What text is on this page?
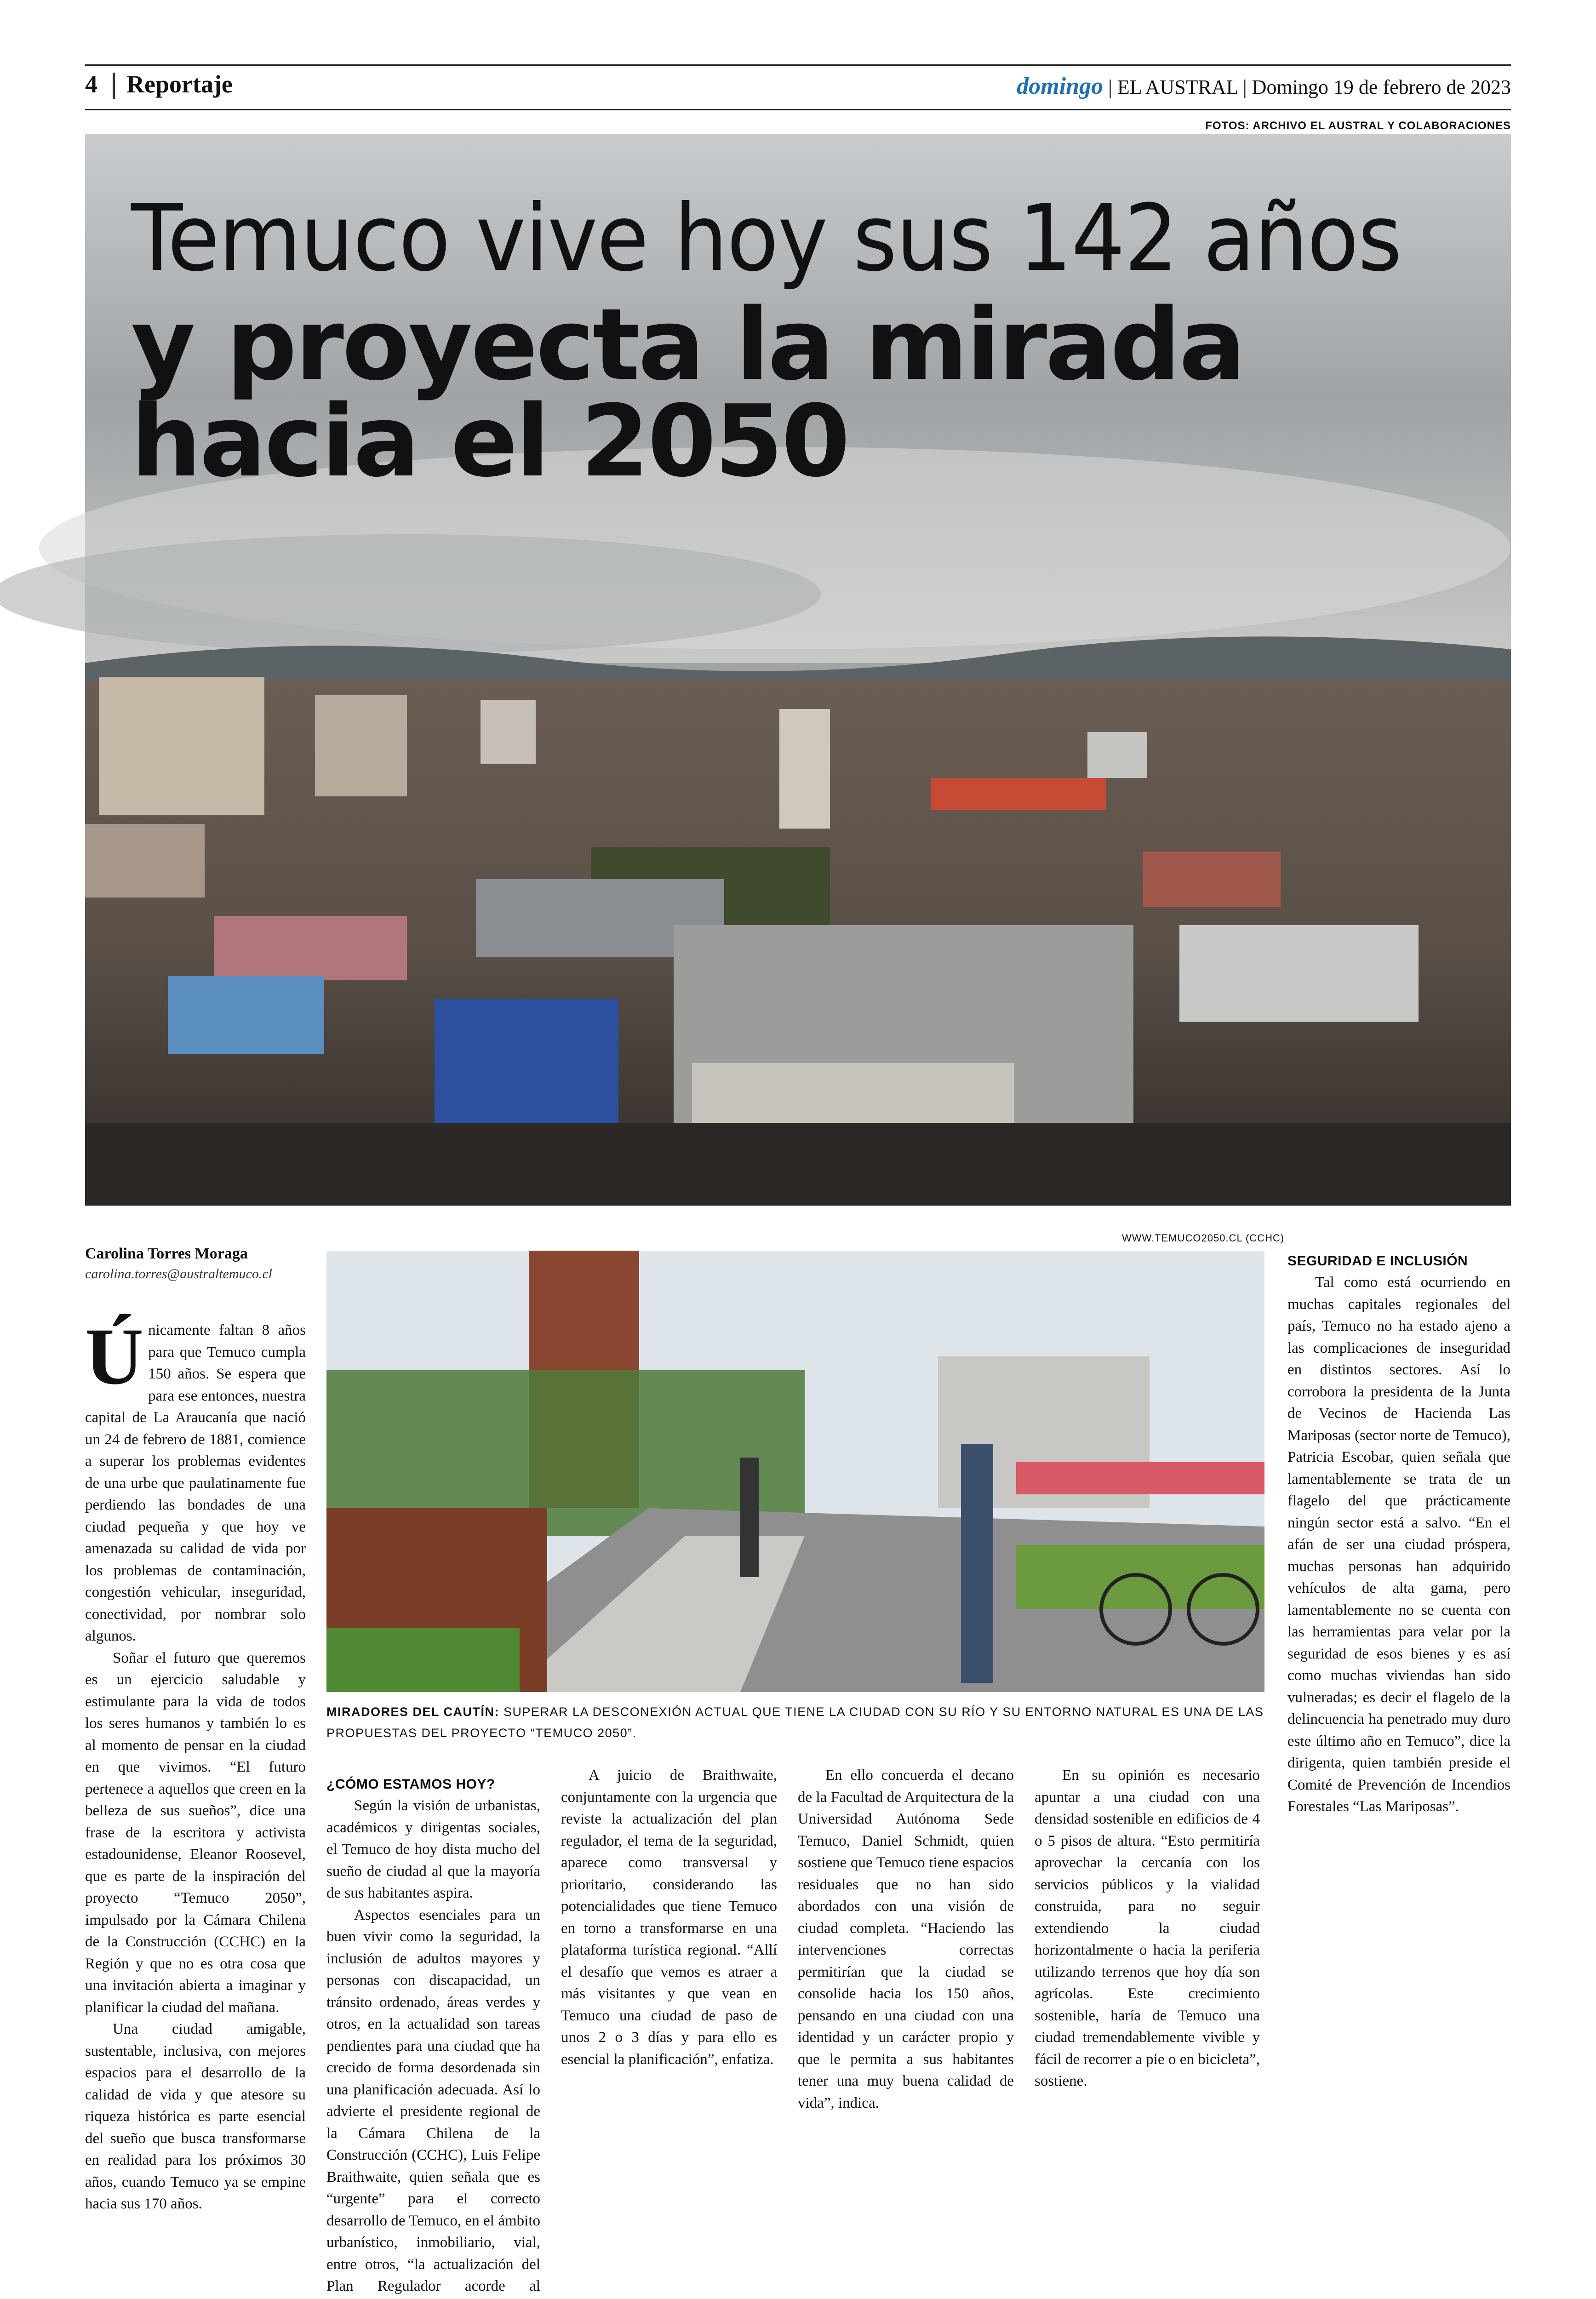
4 Reportaje	domingo | EL AUSTRAL | Domingo 19 de febrero de 2023
FOTOS: ARCHIVO EL AUSTRAL Y COLABORACIONES
Temuco vive hoy sus 142 años
y proyecta la mirada
hacia el 2050
Carolina Torres Moraga
carolina.torres@australtemuco.cl
WWW.TEMUCO2050.CL (CCHC)
MIRADORES DEL CAUTÍN: SUPERAR LA DESCONEXIÓN ACTUAL QUE TIENE LA CIUDAD CON SU RÍO Y SU ENTORNO NATURAL ES UNA DE LAS PROPUESTAS DEL PROYECTO “TEMUCO 2050”.

Únicamente faltan 8 años para que Temuco cumpla 150 años. Se espera que para ese entonces, nuestra capital de La Araucanía que nació un 24 de febrero de 1881, comience a superar los problemas evidentes de una urbe que paulatinamente fue perdiendo las bondades de una ciudad pequeña y que hoy ve amenazada su calidad de vida por los problemas de contaminación, congestión vehicular, inseguridad, conectividad, por nombrar solo algunos.

Soñar el futuro que queremos es un ejercicio saludable y estimulante para la vida de todos los seres humanos y también lo es al momento de pensar en la ciudad en que vivimos. “El futuro pertenece a aquellos que creen en la belleza de sus sueños”, dice una frase de la escritora y activista estadounidense, Eleanor Roosevel, que es parte de la inspiración del proyecto “Temuco 2050”, impulsado por la Cámara Chilena de la Construcción (CCHC) en la Región y que no es otra cosa que una invitación abierta a imaginar y planificar la ciudad del mañana.

Una ciudad amigable, sustentable, inclusiva, con mejores espacios para el desarrollo de la calidad de vida y que atesore su riqueza histórica es parte esencial del sueño que busca transformarse en realidad para los próximos 30 años, cuando Temuco ya se empine hacia sus 170 años.

¿CÓMO ESTAMOS HOY?

Según la visión de urbanistas, académicos y dirigentas sociales, el Temuco de hoy dista mucho del sueño de ciudad al que la mayoría de sus habitantes aspira.

Aspectos esenciales para un buen vivir como la seguridad, la inclusión de adultos mayores y personas con discapacidad, un tránsito ordenado, áreas verdes y otros, en la actualidad son tareas pendientes para una ciudad que ha crecido de forma desordenada sin una planificación adecuada. Así lo advierte el presidente regional de la Cámara Chilena de la Construcción (CCHC), Luis Felipe Braithwaite, quien señala que es “urgente” para el correcto desarrollo de Temuco, en el ámbito urbanístico, inmobiliario, vial, entre otros, “la actualización del Plan Regulador acorde al

A juicio de Braithwaite, conjuntamente con la urgencia que reviste la actualización del plan regulador, el tema de la seguridad, aparece como transversal y prioritario, considerando las potencialidades que tiene Temuco en torno a transformarse en una plataforma turística regional. “Allí el desafío que vemos es atraer a más visitantes y que vean en Temuco una ciudad de paso de unos 2 o 3 días y para ello es esencial la planificación”, enfatiza.

En ello concuerda el decano de la Facultad de Arquitectura de la Universidad Autónoma Sede Temuco, Daniel Schmidt, quien sostiene que Temuco tiene espacios residuales que no han sido abordados con una visión de ciudad completa. “Haciendo las intervenciones correctas permitirían que la ciudad se consolide hacia los 150 años, pensando en una ciudad con una identidad y un carácter propio y que le permita a sus habitantes tener una muy buena calidad de vida”, indica.

En su opinión es necesario apuntar a una ciudad con una densidad sostenible en edificios de 4 o 5 pisos de altura. “Esto permitiría aprovechar la cercanía con los servicios públicos y la vialidad construida, para no seguir extendiendo la ciudad horizontalmente o hacia la periferia utilizando terrenos que hoy día son agrícolas. Este crecimiento sostenible, haría de Temuco una ciudad tremendablemente vivible y fácil de recorrer a pie o en bicicleta”, sostiene.

SEGURIDAD E INCLUSIÓN

Tal como está ocurriendo en muchas capitales regionales del país, Temuco no ha estado ajeno a las complicaciones de inseguridad en distintos sectores. Así lo corrobora la presidenta de la Junta de Vecinos de Hacienda Las Mariposas (sector norte de Temuco), Patricia Escobar, quien señala que lamentablemente se trata de un flagelo del que prácticamente ningún sector está a salvo. “En el afán de ser una ciudad próspera, muchas personas han adquirido vehículos de alta gama, pero lamentablemente no se cuenta con las herramientas para velar por la seguridad de esos bienes y es así como muchas viviendas han sido vulneradas; es decir el flagelo de la delincuencia ha penetrado muy duro este último año en Temuco”, dice la dirigenta, quien también preside el Comité de Prevención de Incendios Forestales “Las Mariposas”.
